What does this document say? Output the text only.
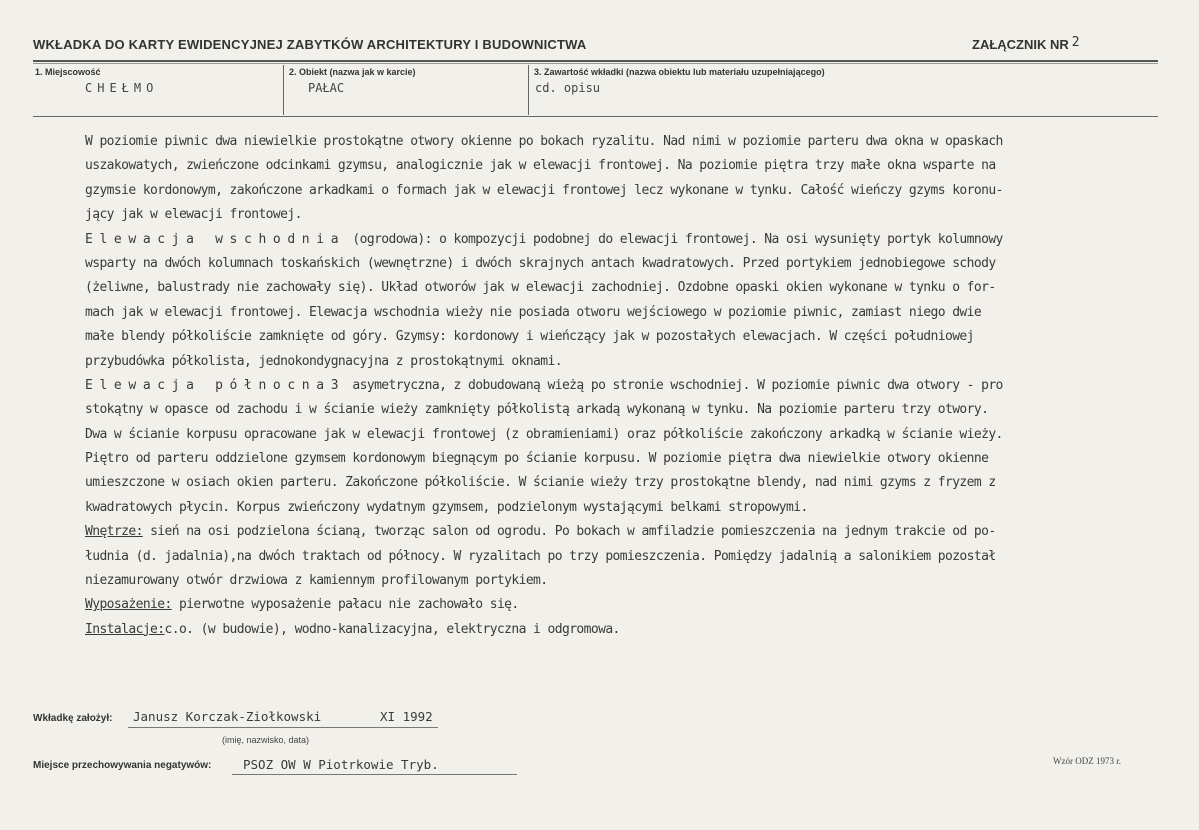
WKŁADKA DO KARTY EWIDENCYJNEJ ZABYTKÓW ARCHITEKTURY I BUDOWNICTWA	ZAŁĄCZNIK NR 2
1. Miejscowość
CHEŁMO
2. Obiekt (nazwa jak w karcie)
PAŁAC
3. Zawartość wkładki (nazwa obiektu lub materiału uzupełniającego)
cd. opisu
W poziomie piwnic dwa niewielkie prostokątne otwory okienne po bokach ryzalitu. Nad nimi w poziomie parteru dwa okna w opaskach
uszakowatych, zwieńczone odcinkami gzymsu, analogicznie jak w elewacji frontowej. Na poziomie piętra trzy małe okna wsparte na
gzymsie kordonowym, zakończone arkadkami o formach jak w elewacji frontowej lecz wykonane w tynku. Całość wieńczy gzyms koronu-
jący jak w elewacji frontowej.
E l e w a c j a   w s c h o d n i a  (ogrodowa): o kompozycji podobnej do elewacji frontowej. Na osi wysunięty portyk kolumnowy
wsparty na dwóch kolumnach toskańskich (wewnętrzne) i dwóch skrajnych antach kwadratowych. Przed portykiem jednobiegowe schody
(żeliwne, balustrady nie zachowały się). Układ otworów jak w elewacji zachodniej. Ozdobne opaski okien wykonane w tynku o for-
mach jak w elewacji frontowej. Elewacja wschodnia wieży nie posiada otworu wejściowego w poziomie piwnic, zamiast niego dwie
małe blendy półkoliście zamknięte od góry. Gzymsy: kordonowy i wieńczący jak w pozostałych elewacjach. W części południowej
przybudówka półkolista, jednokondygnacyjna z prostokątnymi oknami.
E l e w a c j a   p ó ł n o c n a 3  asymetryczna, z dobudowaną wieżą po stronie wschodniej. W poziomie piwnic dwa otwory - pro
stokątny w opasce od zachodu i w ścianie wieży zamknięty półkolistą arkadą wykonaną w tynku. Na poziomie parteru trzy otwory.
Dwa w ścianie korpusu opracowane jak w elewacji frontowej (z obramieniami) oraz półkoliście zakończony arkadką w ścianie wieży.
Piętro od parteru oddzielone gzymsem kordonowym biegnącym po ścianie korpusu. W poziomie piętra dwa niewielkie otwory okienne
umieszczone w osiach okien parteru. Zakończone półkoliście. W ścianie wieży trzy prostokątne blendy, nad nimi gzyms z fryzem z
kwadratowych płycin. Korpus zwieńczony wydatnym gzymsem, podzielonym wystającymi belkami stropowymi.
Wnętrze: sień na osi podzielona ścianą, tworząc salon od ogrodu. Po bokach w amfiladzie pomieszczenia na jednym trakcie od po-
łudnia (d. jadalnia),na dwóch traktach od północy. W ryzalitach po trzy pomieszczenia. Pomiędzy jadalnią a salonikiem pozostał
niezamurowany otwór drzwiowa z kamiennym profilowanym portykiem.
Wyposażenie: pierwotne wyposażenie pałacu nie zachowało się.
Instalacje:c.o. (w budowie), wodno-kanalizacyjna, elektryczna i odgromowa.
Wkładkę założył: Janusz Korczak-Ziołkowski	XI 1992
(imię, nazwisko, data)
Miejsce przechowywania negatywów:	PSOZ OW W Piotrkowie Tryb.	Wzór ODZ 1973 r.
